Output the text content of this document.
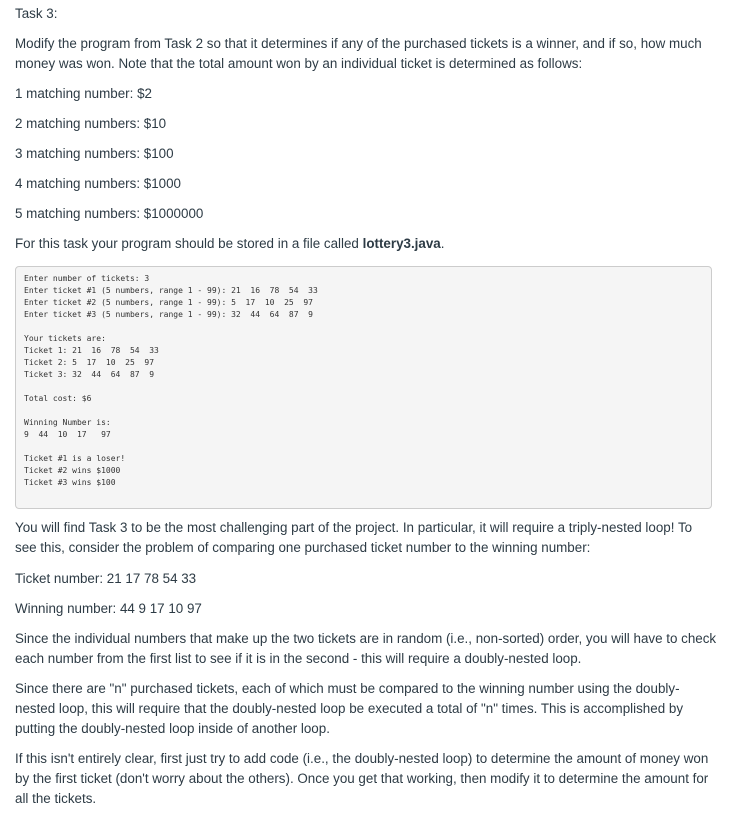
Task 3:

Modify the program from Task 2 so that it determines if any of the purchased tickets is a winner, and if so, how much money was won. Note that the total amount won by an individual ticket is determined as follows:

1 matching number: $2

2 matching numbers: $10

3 matching numbers: $100

4 matching numbers: $1000

5 matching numbers: $1000000

For this task your program should be stored in a file called lottery3.java.

Enter number of tickets: 3
Enter ticket #1 (5 numbers, range 1 - 99): 21  16  78  54  33
Enter ticket #2 (5 numbers, range 1 - 99): 5  17  10  25  97
Enter ticket #3 (5 numbers, range 1 - 99): 32  44  64  87  9

Your tickets are:
Ticket 1: 21  16  78  54  33
Ticket 2: 5  17  10  25  97
Ticket 3: 32  44  64  87  9

Total cost: $6

Winning Number is:
9  44  10  17   97

Ticket #1 is a loser!
Ticket #2 wins $1000
Ticket #3 wins $100

You will find Task 3 to be the most challenging part of the project. In particular, it will require a triply-nested loop! To see this, consider the problem of comparing one purchased ticket number to the winning number:

Ticket number: 21 17 78 54 33

Winning number: 44 9 17 10 97

Since the individual numbers that make up the two tickets are in random (i.e., non-sorted) order, you will have to check each number from the first list to see if it is in the second - this will require a doubly-nested loop.

Since there are "n" purchased tickets, each of which must be compared to the winning number using the doubly-nested loop, this will require that the doubly-nested loop be executed a total of "n" times. This is accomplished by putting the doubly-nested loop inside of another loop.

If this isn't entirely clear, first just try to add code (i.e., the doubly-nested loop) to determine the amount of money won by the first ticket (don't worry about the others). Once you get that working, then modify it to determine the amount for all the tickets.
